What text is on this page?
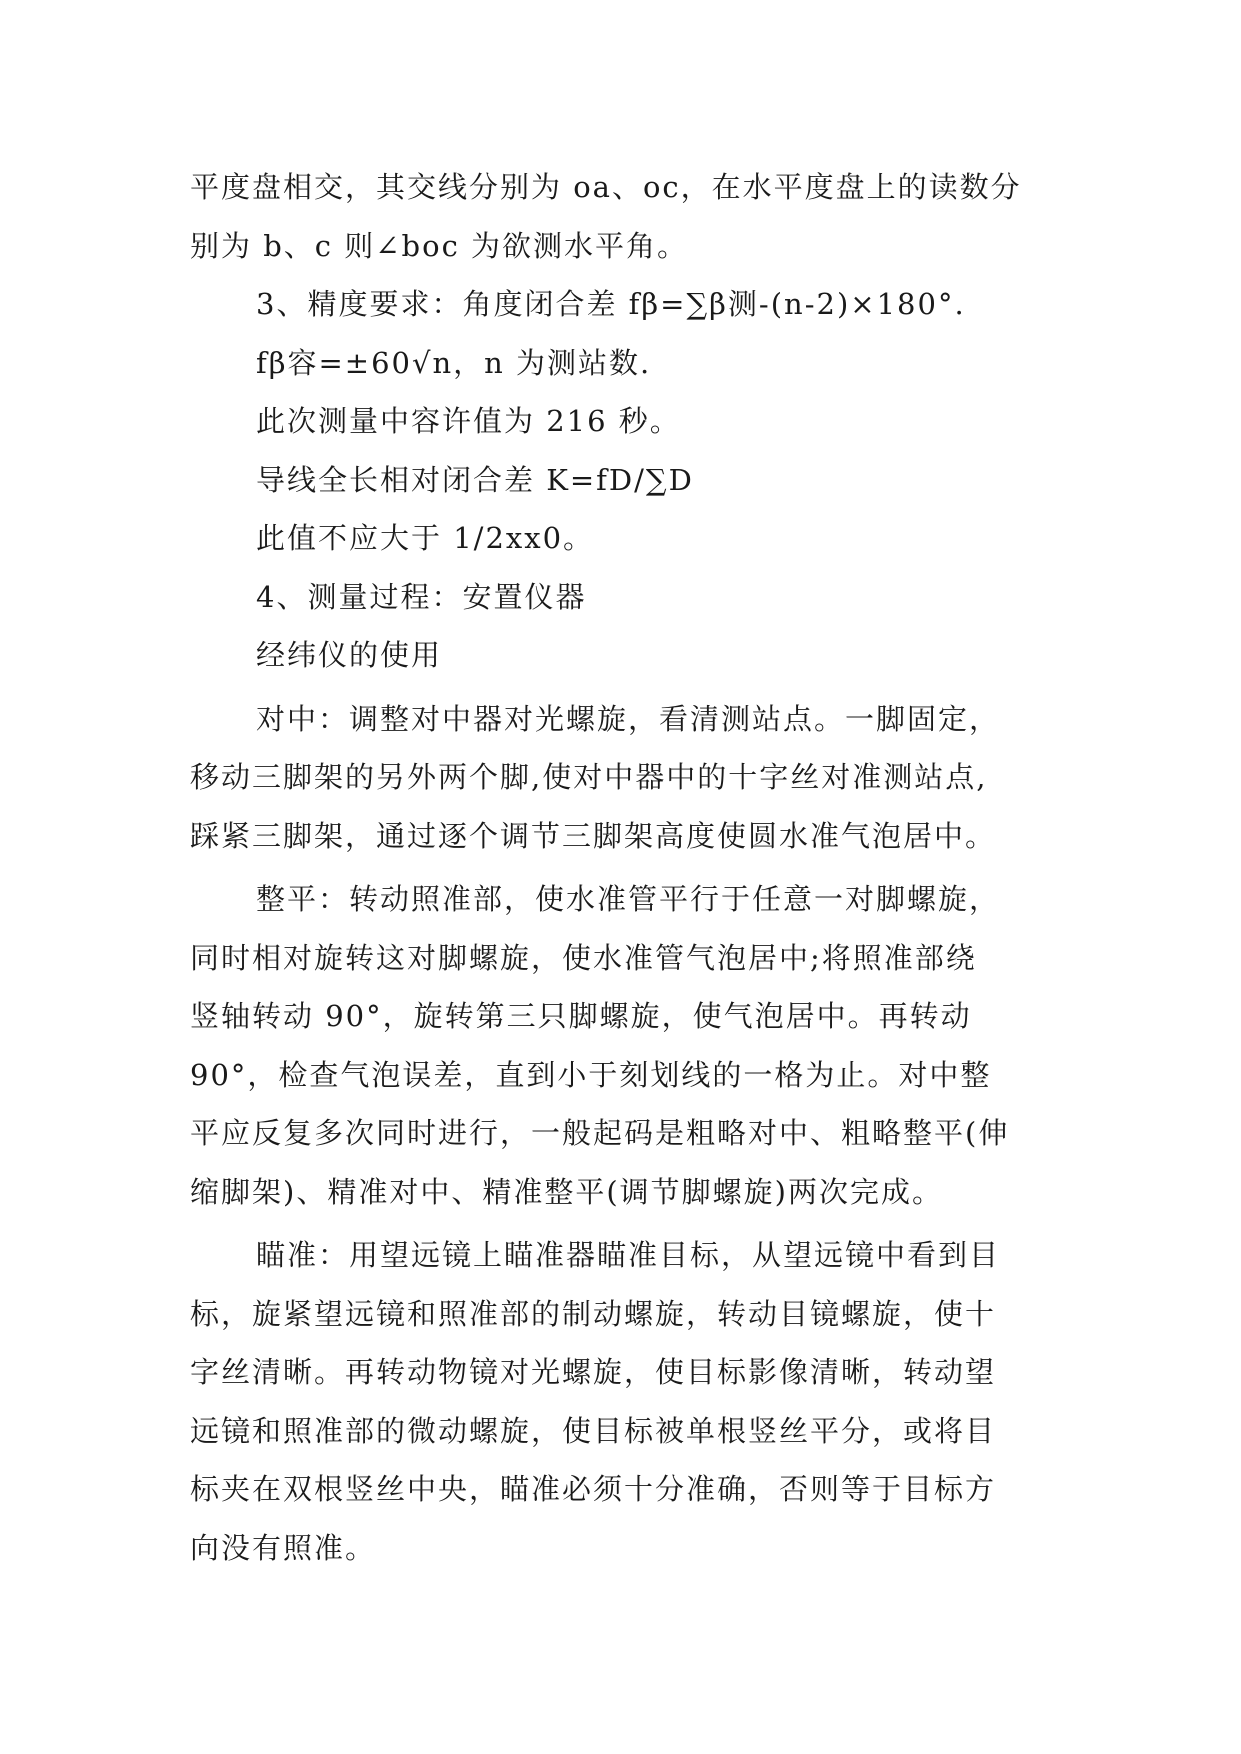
平度盘相交，其交线分别为 oa、oc，在水平度盘上的读数分
别为 b、c 则∠boc 为欲测水平角。
3、精度要求：角度闭合差 fβ=∑β测-(n-2)×180°.
fβ容=±60√n，n 为测站数.
此次测量中容许值为 216 秒。
导线全长相对闭合差 K=fD/∑D
此值不应大于 1/2xx0。
4、测量过程：安置仪器
经纬仪的使用
对中：调整对中器对光螺旋，看清测站点。一脚固定，
移动三脚架的另外两个脚,使对中器中的十字丝对准测站点,
踩紧三脚架，通过逐个调节三脚架高度使圆水准气泡居中。
整平：转动照准部，使水准管平行于任意一对脚螺旋，
同时相对旋转这对脚螺旋，使水准管气泡居中;将照准部绕
竖轴转动 90°，旋转第三只脚螺旋，使气泡居中。再转动
90°，检查气泡误差，直到小于刻划线的一格为止。对中整
平应反复多次同时进行，一般起码是粗略对中、粗略整平(伸
缩脚架)、精准对中、精准整平(调节脚螺旋)两次完成。
瞄准：用望远镜上瞄准器瞄准目标，从望远镜中看到目
标，旋紧望远镜和照准部的制动螺旋，转动目镜螺旋，使十
字丝清晰。再转动物镜对光螺旋，使目标影像清晰，转动望
远镜和照准部的微动螺旋，使目标被单根竖丝平分，或将目
标夹在双根竖丝中央，瞄准必须十分准确，否则等于目标方
向没有照准。
